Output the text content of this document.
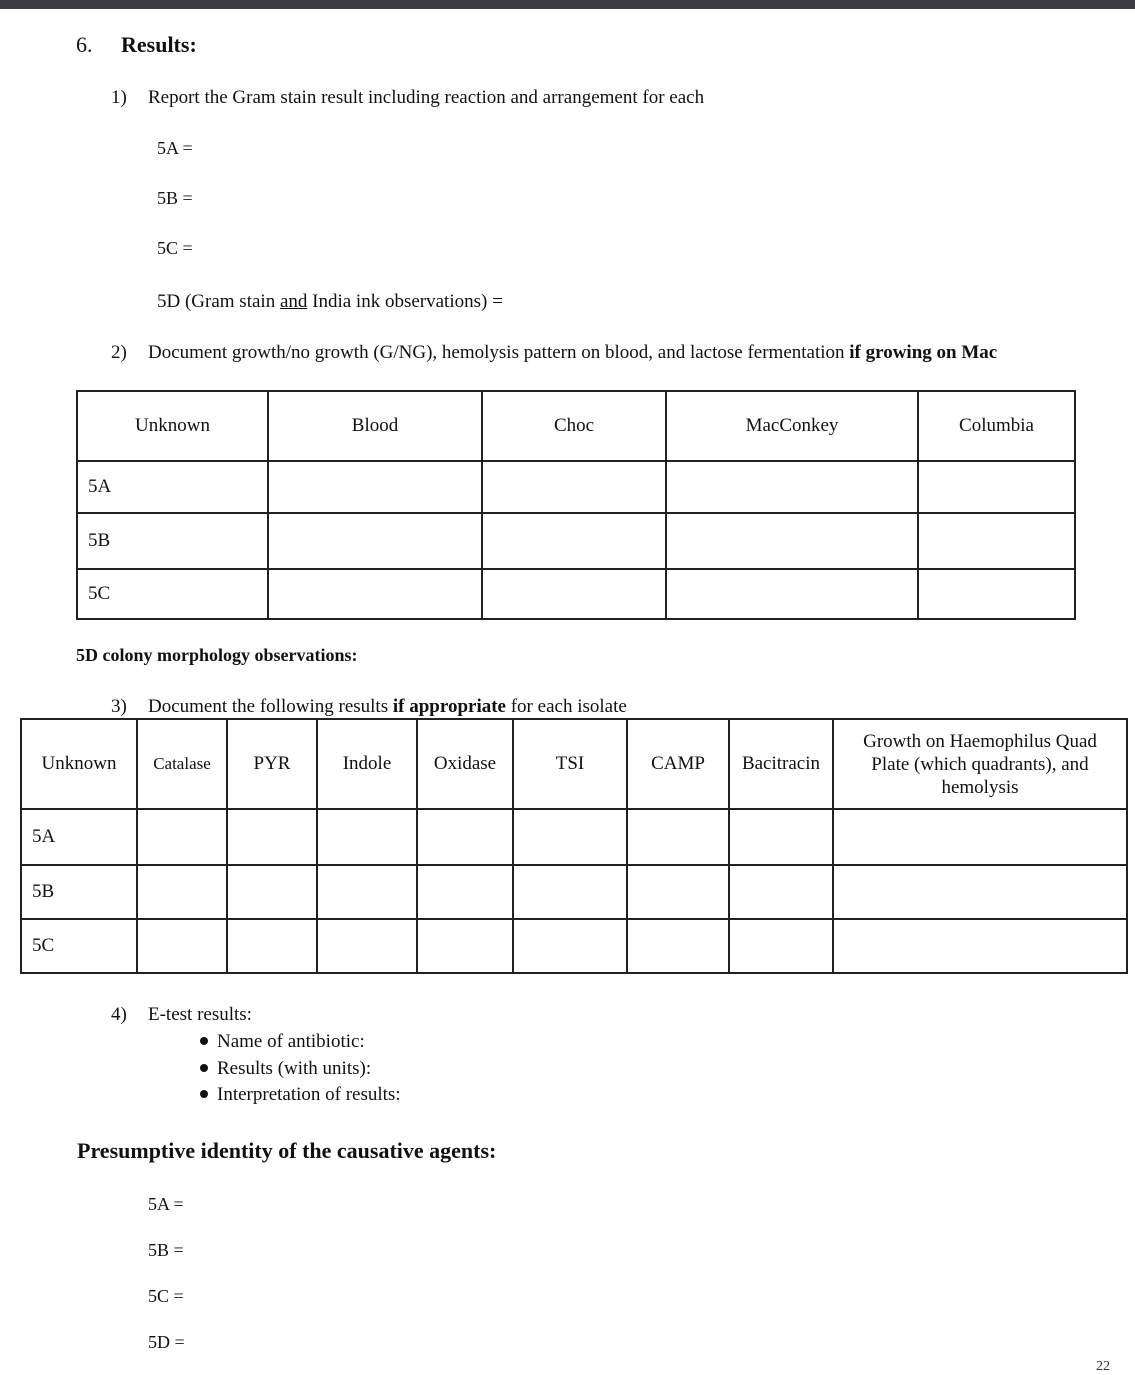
6. Results:
1) Report the Gram stain result including reaction and arrangement for each
5A =
5B =
5C =
5D (Gram stain and India ink observations) =
2) Document growth/no growth (G/NG), hemolysis pattern on blood, and lactose fermentation if growing on Mac
Unknown	Blood	Choc	MacConkey	Columbia
5A				
5B				
5C				
5D colony morphology observations:
3) Document the following results if appropriate for each isolate
Unknown	Catalase	PYR	Indole	Oxidase	TSI	CAMP	Bacitracin	Growth on Haemophilus Quad Plate (which quadrants), and hemolysis
5A								
5B								
5C								
4) E-test results:
Name of antibiotic:
Results (with units):
Interpretation of results:
Presumptive identity of the causative agents:
5A =
5B =
5C =
5D =
22
